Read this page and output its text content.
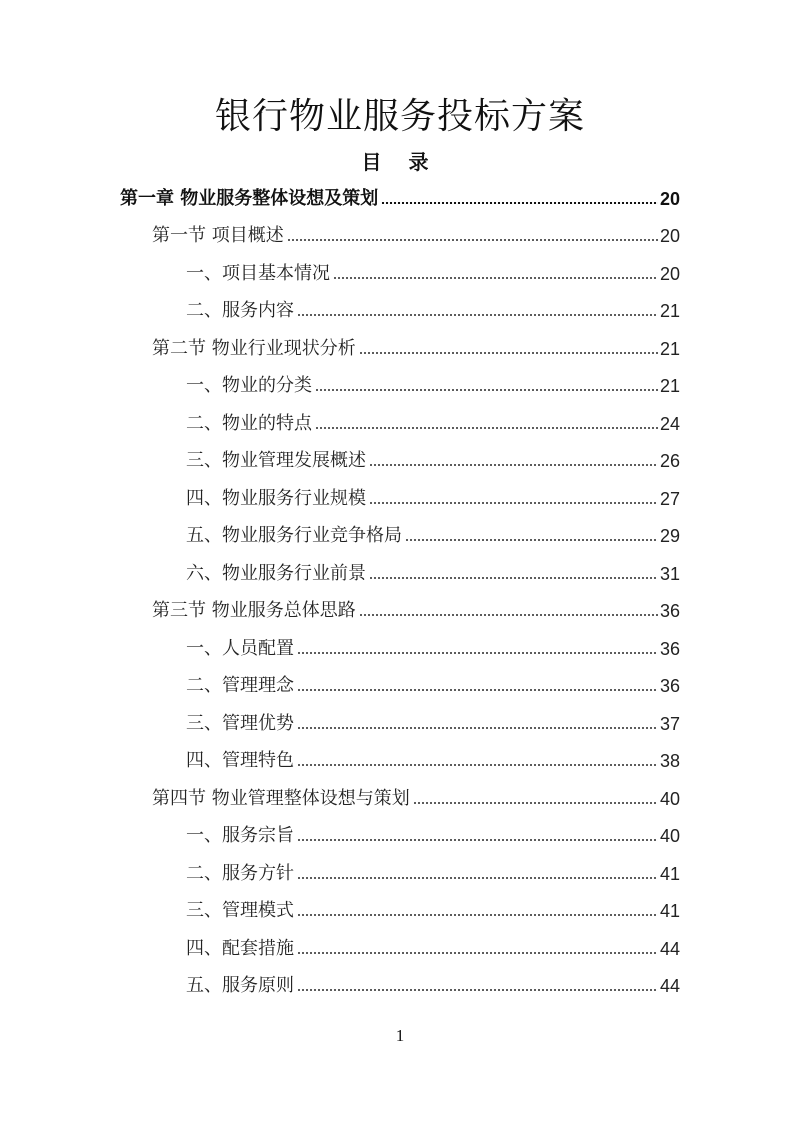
银行物业服务投标方案
目 录
第一章 物业服务整体设想及策划	20
第一节 项目概述	20
一、项目基本情况	20
二、服务内容	21
第二节 物业行业现状分析	21
一、物业的分类	21
二、物业的特点	24
三、物业管理发展概述	26
四、物业服务行业规模	27
五、物业服务行业竞争格局	29
六、物业服务行业前景	31
第三节 物业服务总体思路	36
一、人员配置	36
二、管理理念	36
三、管理优势	37
四、管理特色	38
第四节 物业管理整体设想与策划	40
一、服务宗旨	40
二、服务方针	41
三、管理模式	41
四、配套措施	44
五、服务原则	44
1
